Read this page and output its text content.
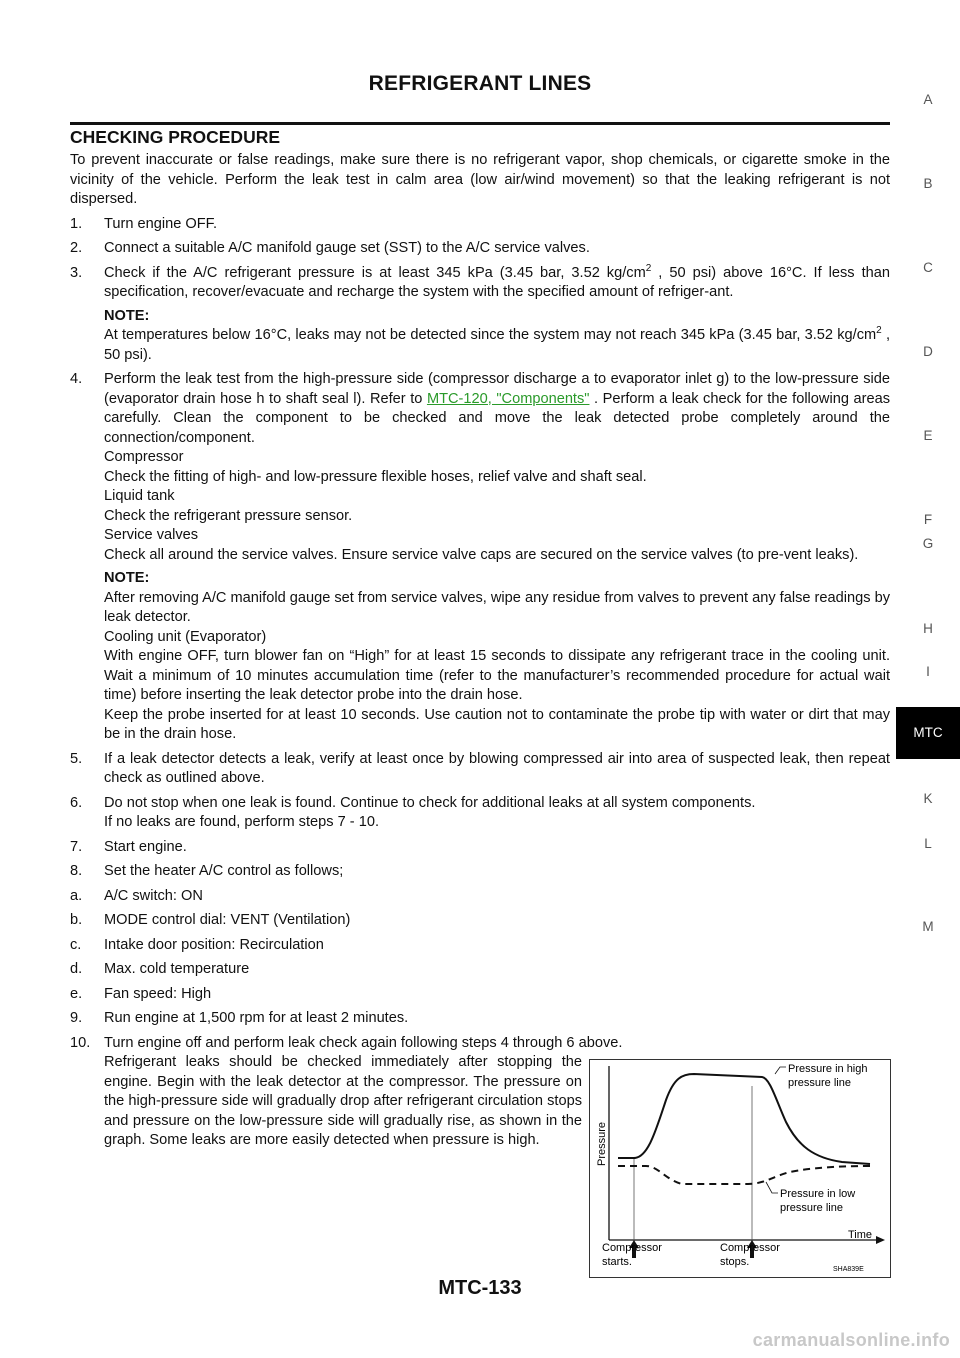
REFRIGERANT LINES
CHECKING PROCEDURE

To prevent inaccurate or false readings, make sure there is no refrigerant vapor, shop chemicals, or cigarette smoke in the vicinity of the vehicle. Perform the leak test in calm area (low air/wind movement) so that the leaking refrigerant is not dispersed.

1. Turn engine OFF.
2. Connect a suitable A/C manifold gauge set (SST) to the A/C service valves.
3. Check if the A/C refrigerant pressure is at least 345 kPa (3.45 bar, 3.52 $kg/cm^2$ , 50 psi) above 16°C. If less than specification, recover/evacuate and recharge the system with the specified amount of refriger-ant.
NOTE:
At temperatures below 16°C, leaks may not be detected since the system may not reach 345 kPa (3.45 bar, 3.52 $kg/cm^2$ , 50 psi).
4. Perform the leak test from the high-pressure side (compressor discharge a to evaporator inlet g) to the low-pressure side (evaporator drain hose h to shaft seal l). Refer to MTC-120, "Components" . Perform a leak check for the following areas carefully. Clean the component to be checked and move the leak detected probe completely around the connection/component.
Compressor
Check the fitting of high- and low-pressure flexible hoses, relief valve and shaft seal.
Liquid tank
Check the refrigerant pressure sensor.
Service valves
Check all around the service valves. Ensure service valve caps are secured on the service valves (to pre-vent leaks).
NOTE:
After removing A/C manifold gauge set from service valves, wipe any residue from valves to prevent any false readings by leak detector.
Cooling unit (Evaporator)
With engine OFF, turn blower fan on “High” for at least 15 seconds to dissipate any refrigerant trace in the cooling unit. Wait a minimum of 10 minutes accumulation time (refer to the manufacturer’s recommended procedure for actual wait time) before inserting the leak detector probe into the drain hose.
Keep the probe inserted for at least 10 seconds. Use caution not to contaminate the probe tip with water or dirt that may be in the drain hose.
5. If a leak detector detects a leak, verify at least once by blowing compressed air into area of suspected leak, then repeat check as outlined above.
6. Do not stop when one leak is found. Continue to check for additional leaks at all system components.
If no leaks are found, perform steps 7 - 10.
7. Start engine.
8. Set the heater A/C control as follows;
a. A/C switch: ON
b. MODE control dial: VENT (Ventilation)
c. Intake door position: Recirculation
d. Max. cold temperature
e. Fan speed: High
9. Run engine at 1,500 rpm for at least 2 minutes.
10. Turn engine off and perform leak check again following steps 4 through 6 above.
Refrigerant leaks should be checked immediately after stopping the engine. Begin with the leak detector at the compressor. The pressure on the high-pressure side will gradually drop after refrigerant circulation stops and pressure on the low-pressure side will gradually rise, as shown in the graph. Some leaks are more easily detected when pressure is high.
A
B
C
D
E
F
G
H
I
MTC
K
L
M
Pressure in high
pressure line
Pressure in low
pressure line
Pressure
Time
Compressor
starts.
Compressor
stops.
SHA839E
MTC-133
carmanualsonline.info
